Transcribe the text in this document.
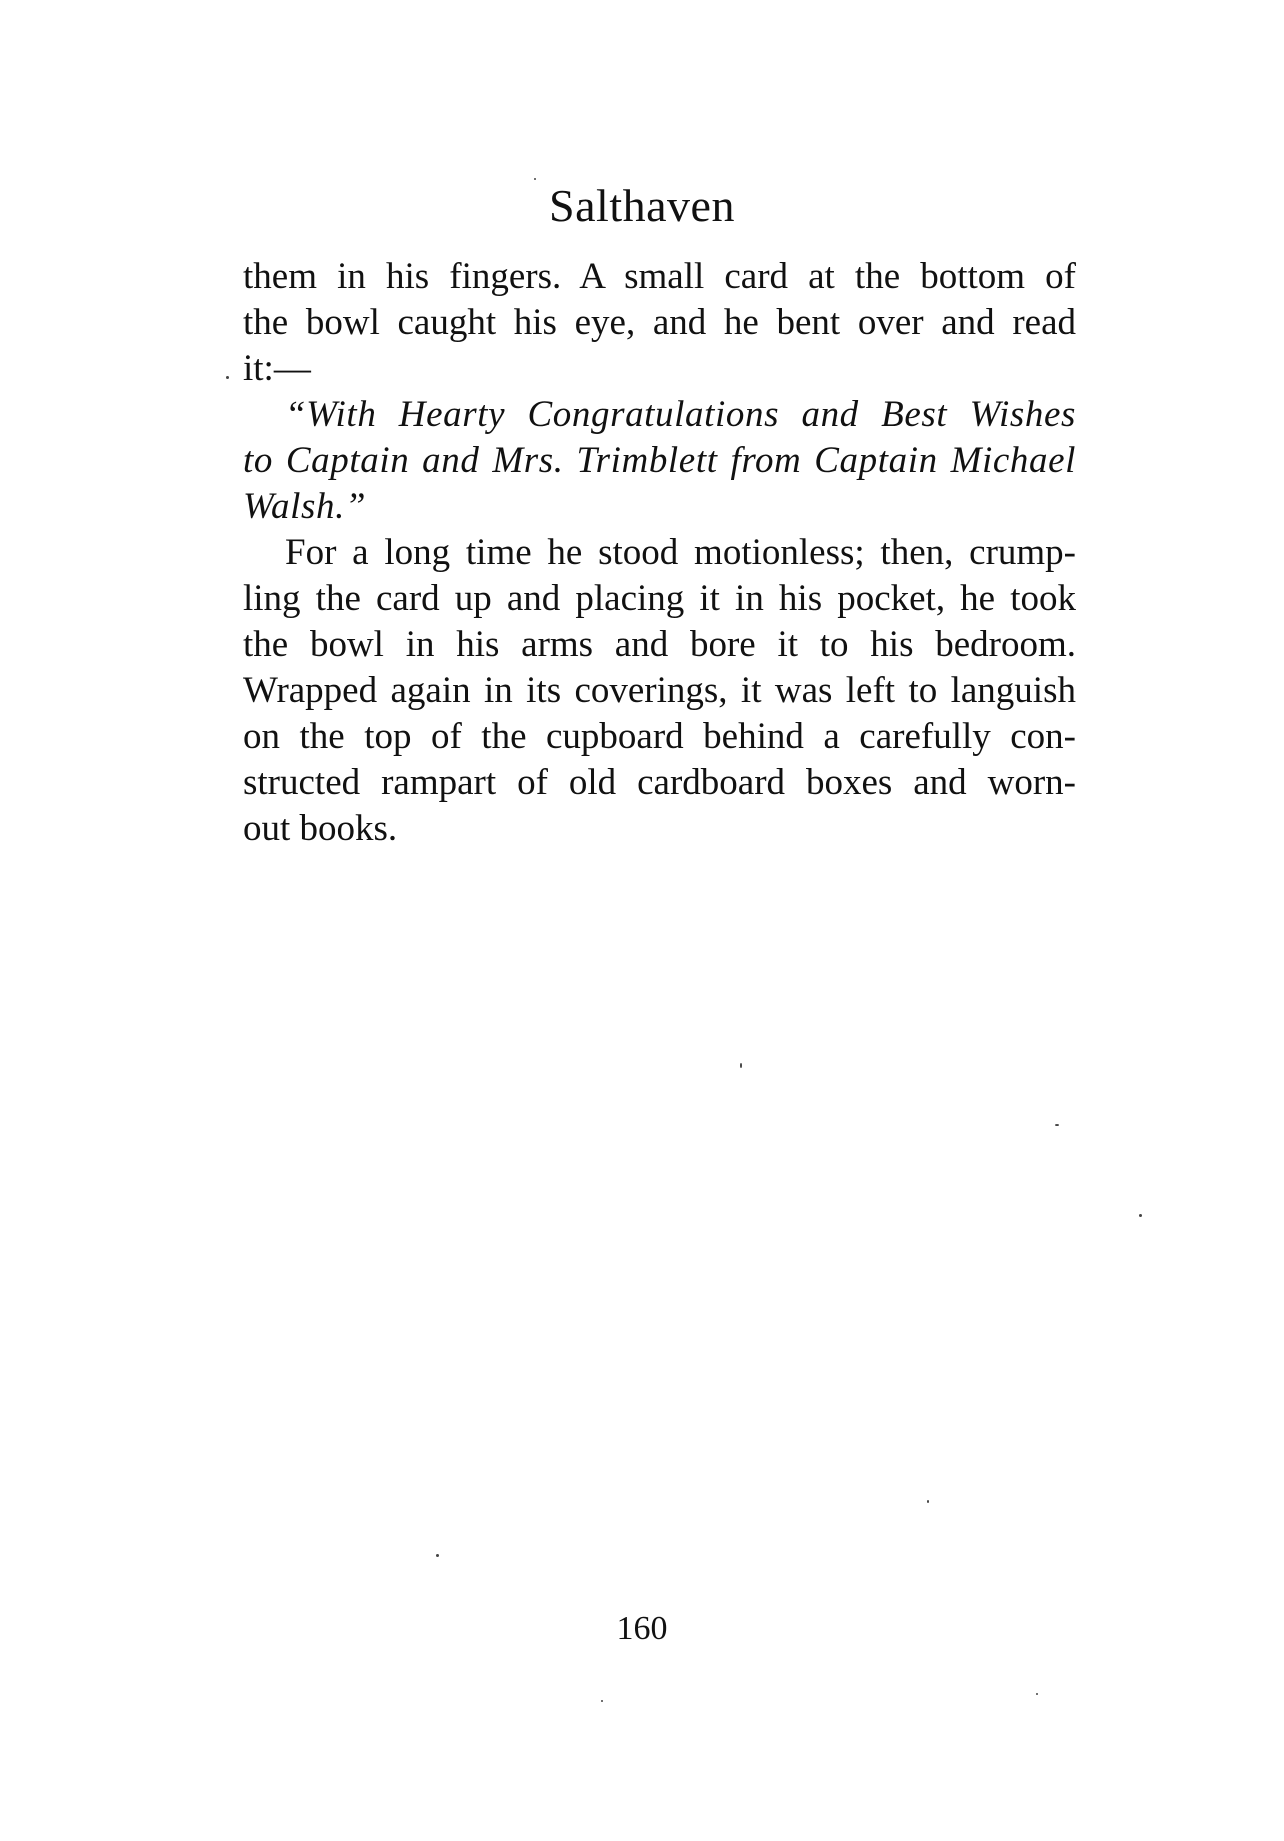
Salthaven

them in his fingers. A small card at the bottom of
the bowl caught his eye, and he bent over and read
it:—

“With Hearty Congratulations and Best Wishes
to Captain and Mrs. Trimblett from Captain Michael
Walsh.”

For a long time he stood motionless; then, crump-
ling the card up and placing it in his pocket, he took
the bowl in his arms and bore it to his bedroom.
Wrapped again in its coverings, it was left to languish
on the top of the cupboard behind a carefully con-
structed rampart of old cardboard boxes and worn-
out books.

160
